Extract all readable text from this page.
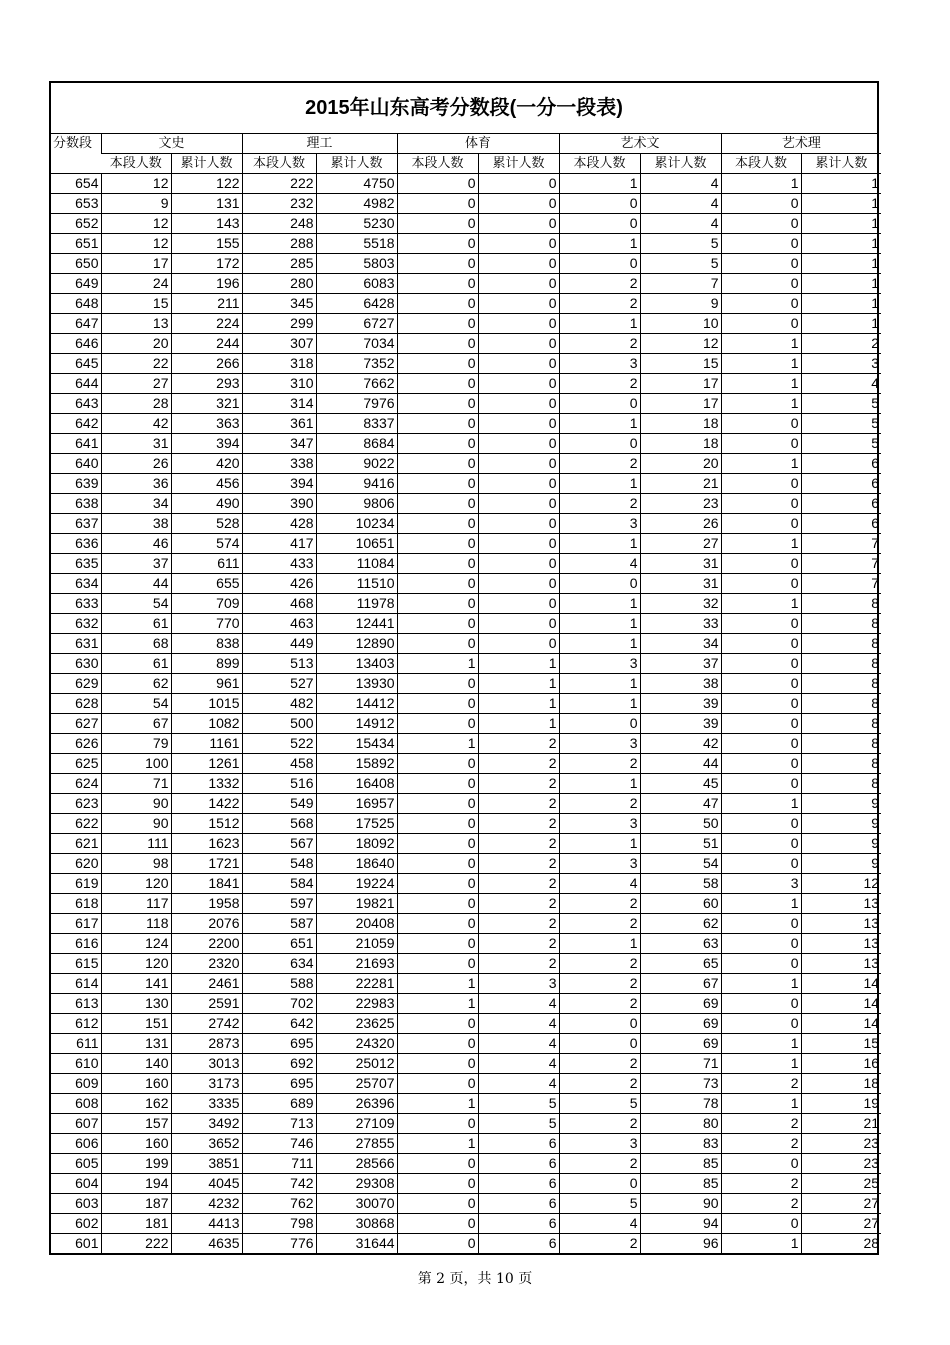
2015年山东高考分数段(一分一段表)
分数段	文史		理工		体育		艺术文		艺术理	
	本段人数	累计人数	本段人数	累计人数	本段人数	累计人数	本段人数	累计人数	本段人数	累计人数
654	12	122	222	4750	0	0	1	4	1	1
653	9	131	232	4982	0	0	0	4	0	1
652	12	143	248	5230	0	0	0	4	0	1
651	12	155	288	5518	0	0	1	5	0	1
650	17	172	285	5803	0	0	0	5	0	1
649	24	196	280	6083	0	0	2	7	0	1
648	15	211	345	6428	0	0	2	9	0	1
647	13	224	299	6727	0	0	1	10	0	1
646	20	244	307	7034	0	0	2	12	1	2
645	22	266	318	7352	0	0	3	15	1	3
644	27	293	310	7662	0	0	2	17	1	4
643	28	321	314	7976	0	0	0	17	1	5
642	42	363	361	8337	0	0	1	18	0	5
641	31	394	347	8684	0	0	0	18	0	5
640	26	420	338	9022	0	0	2	20	1	6
639	36	456	394	9416	0	0	1	21	0	6
638	34	490	390	9806	0	0	2	23	0	6
637	38	528	428	10234	0	0	3	26	0	6
636	46	574	417	10651	0	0	1	27	1	7
635	37	611	433	11084	0	0	4	31	0	7
634	44	655	426	11510	0	0	0	31	0	7
633	54	709	468	11978	0	0	1	32	1	8
632	61	770	463	12441	0	0	1	33	0	8
631	68	838	449	12890	0	0	1	34	0	8
630	61	899	513	13403	1	1	3	37	0	8
629	62	961	527	13930	0	1	1	38	0	8
628	54	1015	482	14412	0	1	1	39	0	8
627	67	1082	500	14912	0	1	0	39	0	8
626	79	1161	522	15434	1	2	3	42	0	8
625	100	1261	458	15892	0	2	2	44	0	8
624	71	1332	516	16408	0	2	1	45	0	8
623	90	1422	549	16957	0	2	2	47	1	9
622	90	1512	568	17525	0	2	3	50	0	9
621	111	1623	567	18092	0	2	1	51	0	9
620	98	1721	548	18640	0	2	3	54	0	9
619	120	1841	584	19224	0	2	4	58	3	12
618	117	1958	597	19821	0	2	2	60	1	13
617	118	2076	587	20408	0	2	2	62	0	13
616	124	2200	651	21059	0	2	1	63	0	13
615	120	2320	634	21693	0	2	2	65	0	13
614	141	2461	588	22281	1	3	2	67	1	14
613	130	2591	702	22983	1	4	2	69	0	14
612	151	2742	642	23625	0	4	0	69	0	14
611	131	2873	695	24320	0	4	0	69	1	15
610	140	3013	692	25012	0	4	2	71	1	16
609	160	3173	695	25707	0	4	2	73	2	18
608	162	3335	689	26396	1	5	5	78	1	19
607	157	3492	713	27109	0	5	2	80	2	21
606	160	3652	746	27855	1	6	3	83	2	23
605	199	3851	711	28566	0	6	2	85	0	23
604	194	4045	742	29308	0	6	0	85	2	25
603	187	4232	762	30070	0	6	5	90	2	27
602	181	4413	798	30868	0	6	4	94	0	27
601	222	4635	776	31644	0	6	2	96	1	28
第 2 页，共 10 页
